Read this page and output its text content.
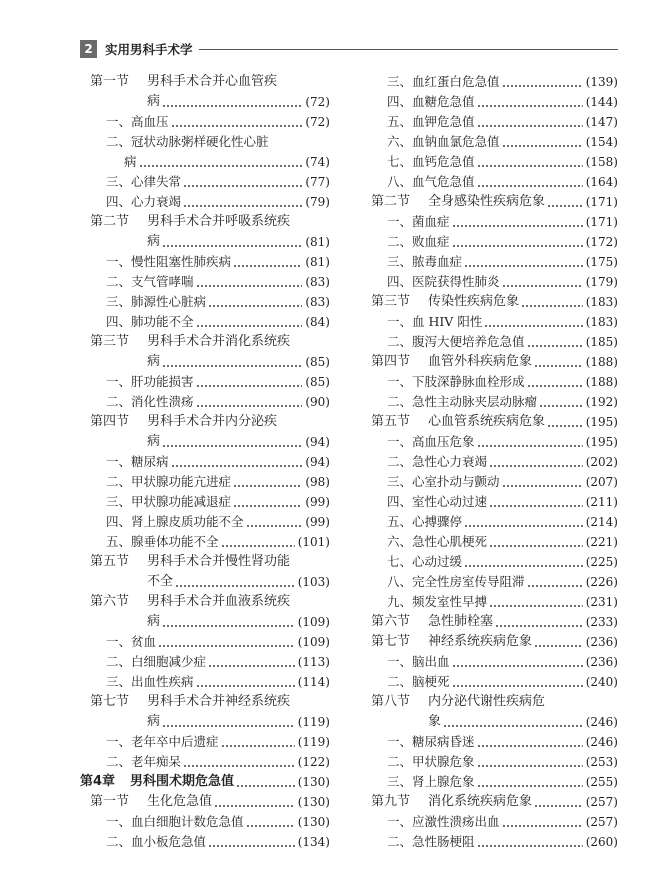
2 实用男科手术学
第一节	男科手术合并心血管疾
病	(72)
一、高血压	(72)
二、冠状动脉粥样硬化性心脏
病	(74)
三、心律失常	(77)
四、心力衰竭	(79)
第二节	男科手术合并呼吸系统疾
病	(81)
一、慢性阻塞性肺疾病	(81)
二、支气管哮喘	(83)
三、肺源性心脏病	(83)
四、肺功能不全	(84)
第三节	男科手术合并消化系统疾
病	(85)
一、肝功能损害	(85)
二、消化性溃疡	(90)
第四节	男科手术合并内分泌疾
病	(94)
一、糖尿病	(94)
二、甲状腺功能亢进症	(98)
三、甲状腺功能减退症	(99)
四、肾上腺皮质功能不全	(99)
五、腺垂体功能不全	(101)
第五节	男科手术合并慢性肾功能
不全	(103)
第六节	男科手术合并血液系统疾
病	(109)
一、贫血	(109)
二、白细胞减少症	(113)
三、出血性疾病	(114)
第七节	男科手术合并神经系统疾
病	(119)
一、老年卒中后遗症	(119)
二、老年痴呆	(122)
第4章	男科围术期危急值	(130)
第一节	生化危急值	(130)
一、血白细胞计数危急值	(130)
二、血小板危急值	(134)
三、血红蛋白危急值	(139)
四、血糖危急值	(144)
五、血钾危急值	(147)
六、血钠血氯危急值	(154)
七、血钙危急值	(158)
八、血气危急值	(164)
第二节	全身感染性疾病危象	(171)
一、菌血症	(171)
二、败血症	(172)
三、脓毒血症	(175)
四、医院获得性肺炎	(179)
第三节	传染性疾病危象	(183)
一、血 HIV 阳性	(183)
二、腹泻大便培养危急值	(185)
第四节	血管外科疾病危象	(188)
一、下肢深静脉血栓形成	(188)
二、急性主动脉夹层动脉瘤	(192)
第五节	心血管系统疾病危象	(195)
一、高血压危象	(195)
二、急性心力衰竭	(202)
三、心室扑动与颤动	(207)
四、室性心动过速	(211)
五、心搏骤停	(214)
六、急性心肌梗死	(221)
七、心动过缓	(225)
八、完全性房室传导阻滞	(226)
九、频发室性早搏	(231)
第六节	急性肺栓塞	(233)
第七节	神经系统疾病危象	(236)
一、脑出血	(236)
二、脑梗死	(240)
第八节	内分泌代谢性疾病危
象	(246)
一、糖尿病昏迷	(246)
二、甲状腺危象	(253)
三、肾上腺危象	(255)
第九节	消化系统疾病危象	(257)
一、应激性溃疡出血	(257)
二、急性肠梗阻	(260)
